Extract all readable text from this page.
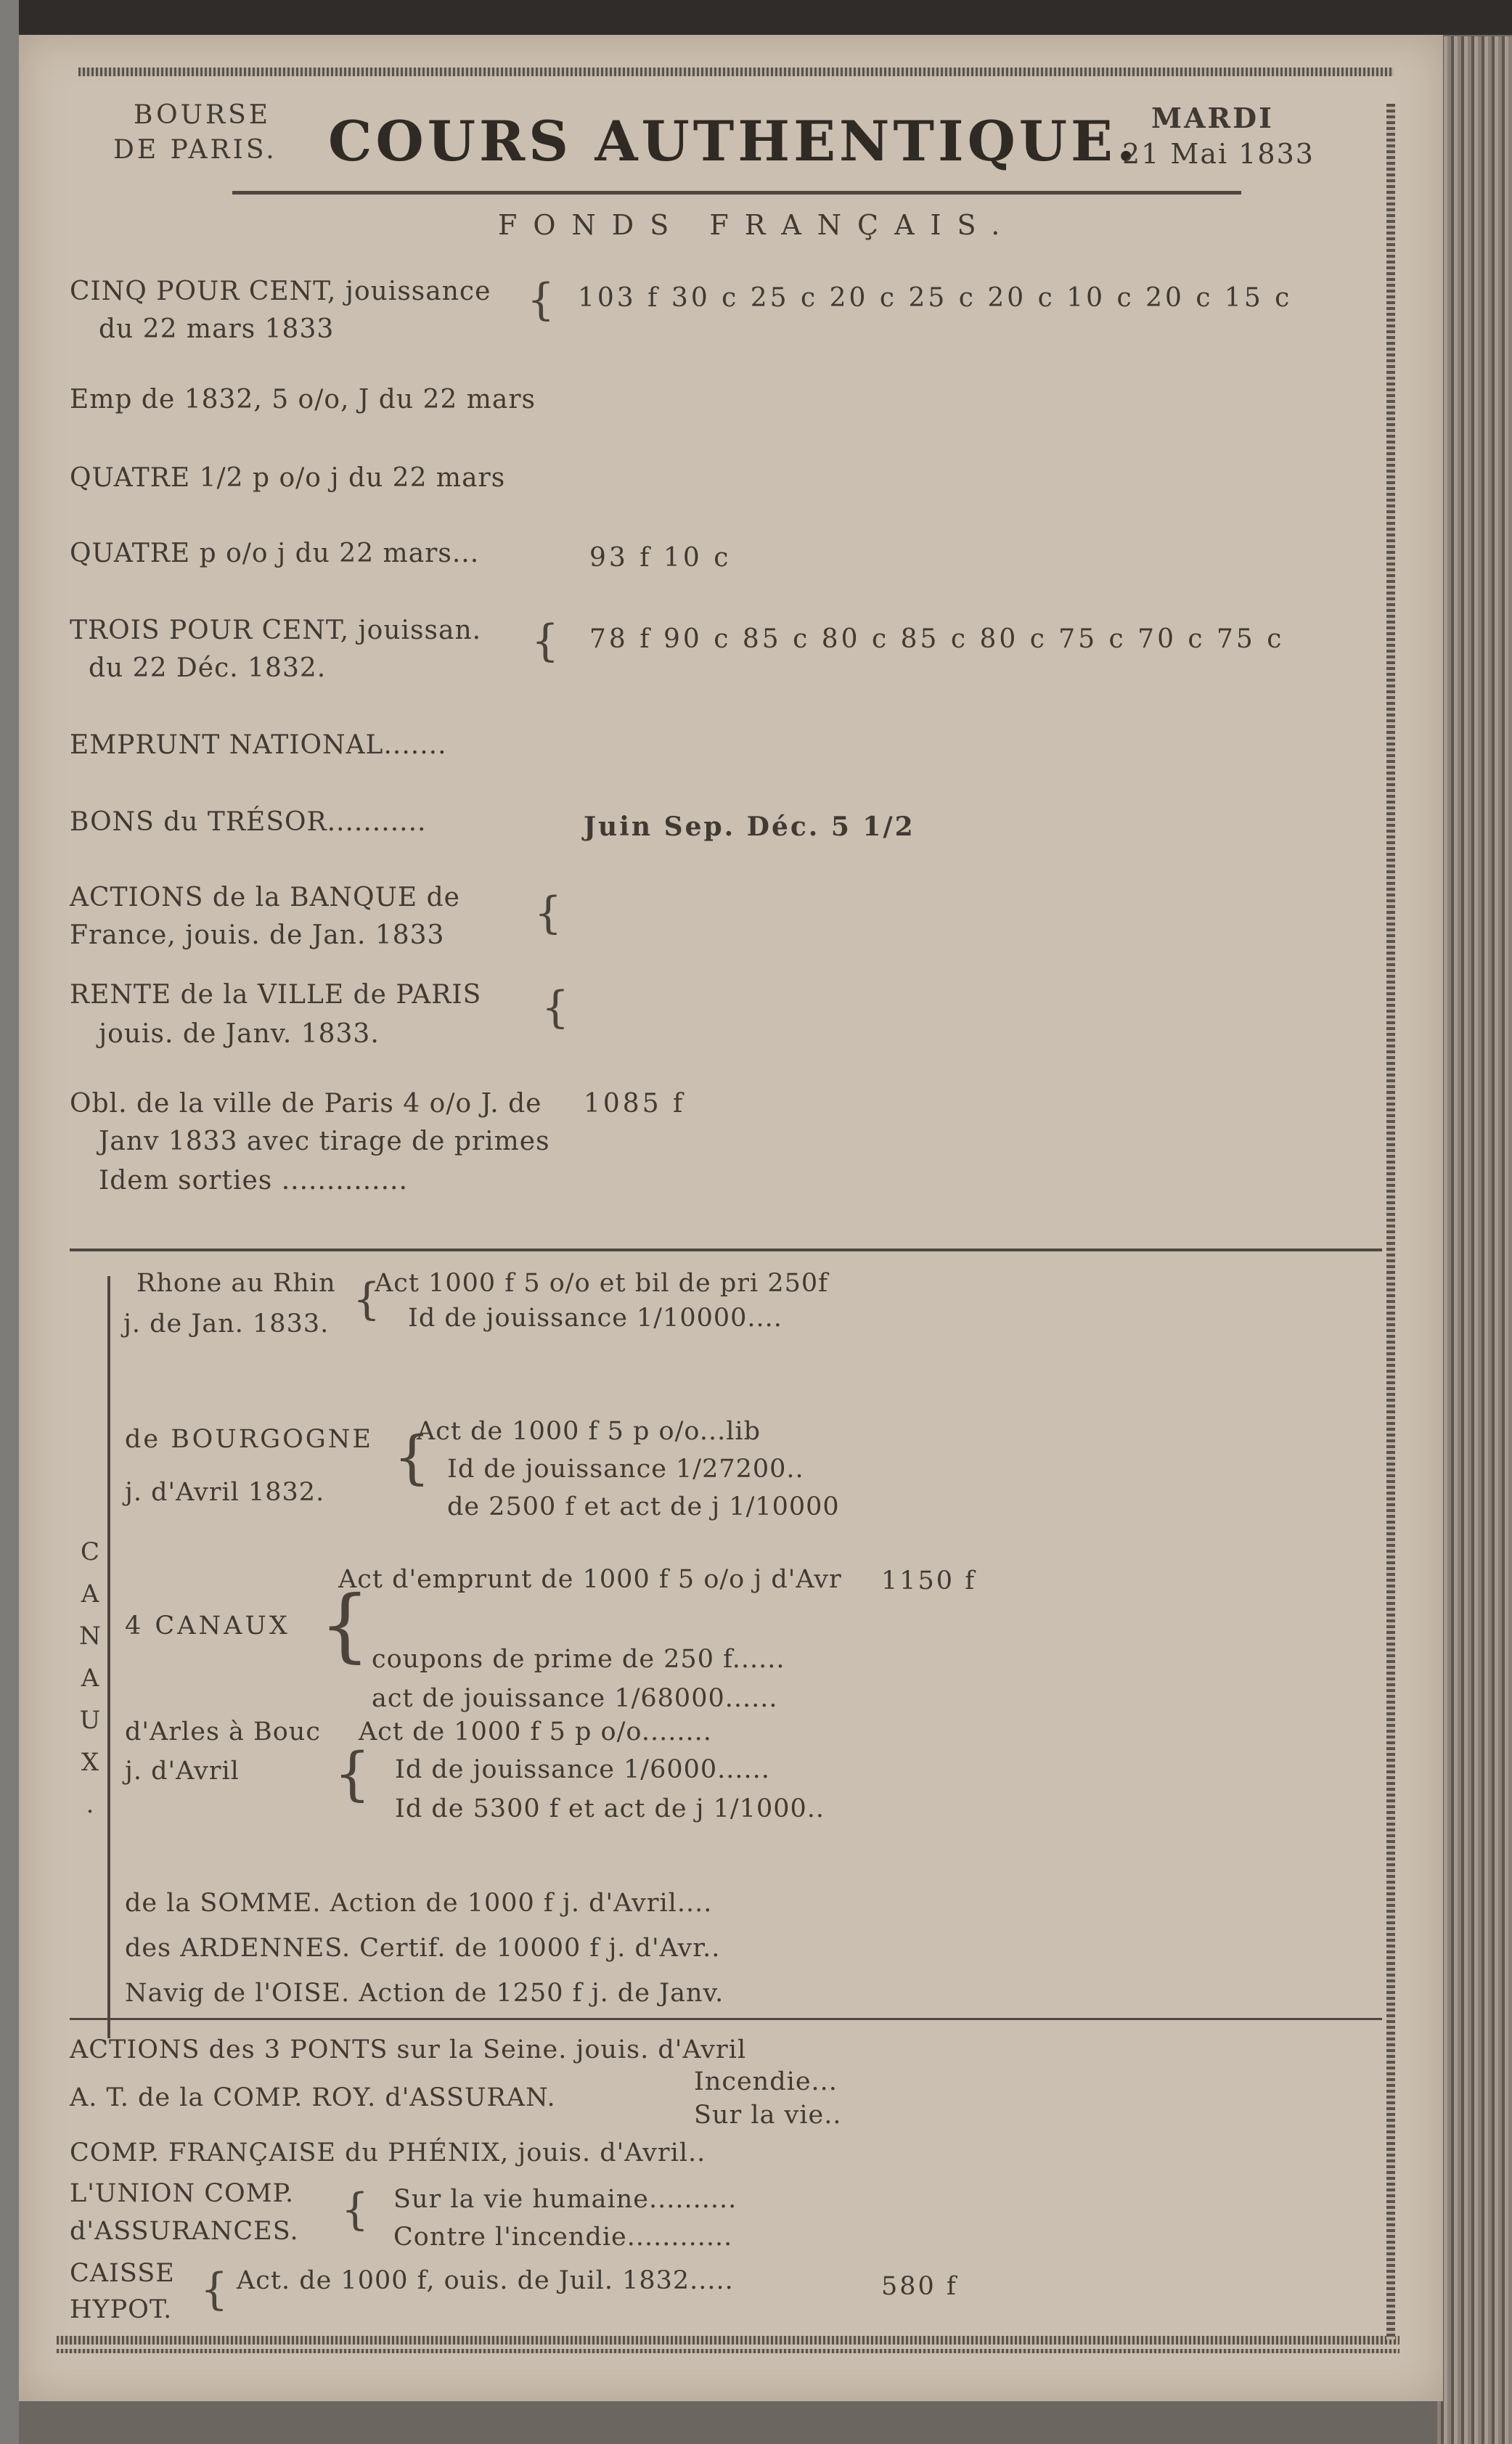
BOURSE
DE PARIS. COURS AUTHENTIQUE. MARDI
21 Mai 1833
FONDS FRANÇAIS.
CINQ POUR CENT, jouissance
du 22 mars 1833
{ 103 f 30 c 25 c 20 c 25 c 20 c 10 c 20 c 15 c
Emp de 1832, 5 o/o, J du 22 mars
QUATRE 1/2 p o/o j du 22 mars
QUATRE p o/o j du 22 mars...	93 f 10 c
TROIS POUR CENT, jouissan.
du 22 Déc. 1832.
{ 78 f 90 c 85 c 80 c 85 c 80 c 75 c 70 c 75 c
EMPRUNT NATIONAL.......
BONS du TRÉSOR...........	Juin Sep. Déc. 5 1/2
ACTIONS de la BANQUE de
France, jouis. de Jan. 1833 {
RENTE de la VILLE de PARIS
jouis. de Janv. 1833.
{
Obl. de la ville de Paris 4 o/o J. de
Janv 1833 avec tirage de primes
Idem sorties ..............
1085 f
CANAUX.
Rhone au Rhin
j. de Jan. 1833. {
Act 1000 f 5 o/o et bil de pri 250f
Id de jouissance 1/10000....
de BOURGOGNE
j. d'Avril 1832.
{
Act de 1000 f 5 p o/o...lib
Id de jouissance 1/27200..
de 2500 f et act de j 1/10000
4 CANAUX {
Act d'emprunt de 1000 f 5 o/o j d'Avr 1150 f
coupons de prime de 250 f......
act de jouissance 1/68000......
d'Arles à Bouc
j. d'Avril {
Act de 1000 f 5 p o/o........
Id de jouissance 1/6000......
Id de 5300 f et act de j 1/1000..
de la SOMME. Action de 1000 f j. d'Avril....
des ARDENNES. Certif. de 10000 f j. d'Avr..
Navig de l'OISE. Action de 1250 f j. de Janv.
ACTIONS des 3 PONTS sur la Seine. jouis. d'Avril
A. T. de la COMP. ROY. d'ASSURAN.
Incendie...
Sur la vie..
COMP. FRANÇAISE du PHÉNIX, jouis. d'Avril..
L'UNION COMP.
d'ASSURANCES. { Sur la vie humaine..........
Contre l'incendie............
CAISSE
HYPOT. { Act. de 1000 f, ouis. de Juil. 1832.....	580 f
